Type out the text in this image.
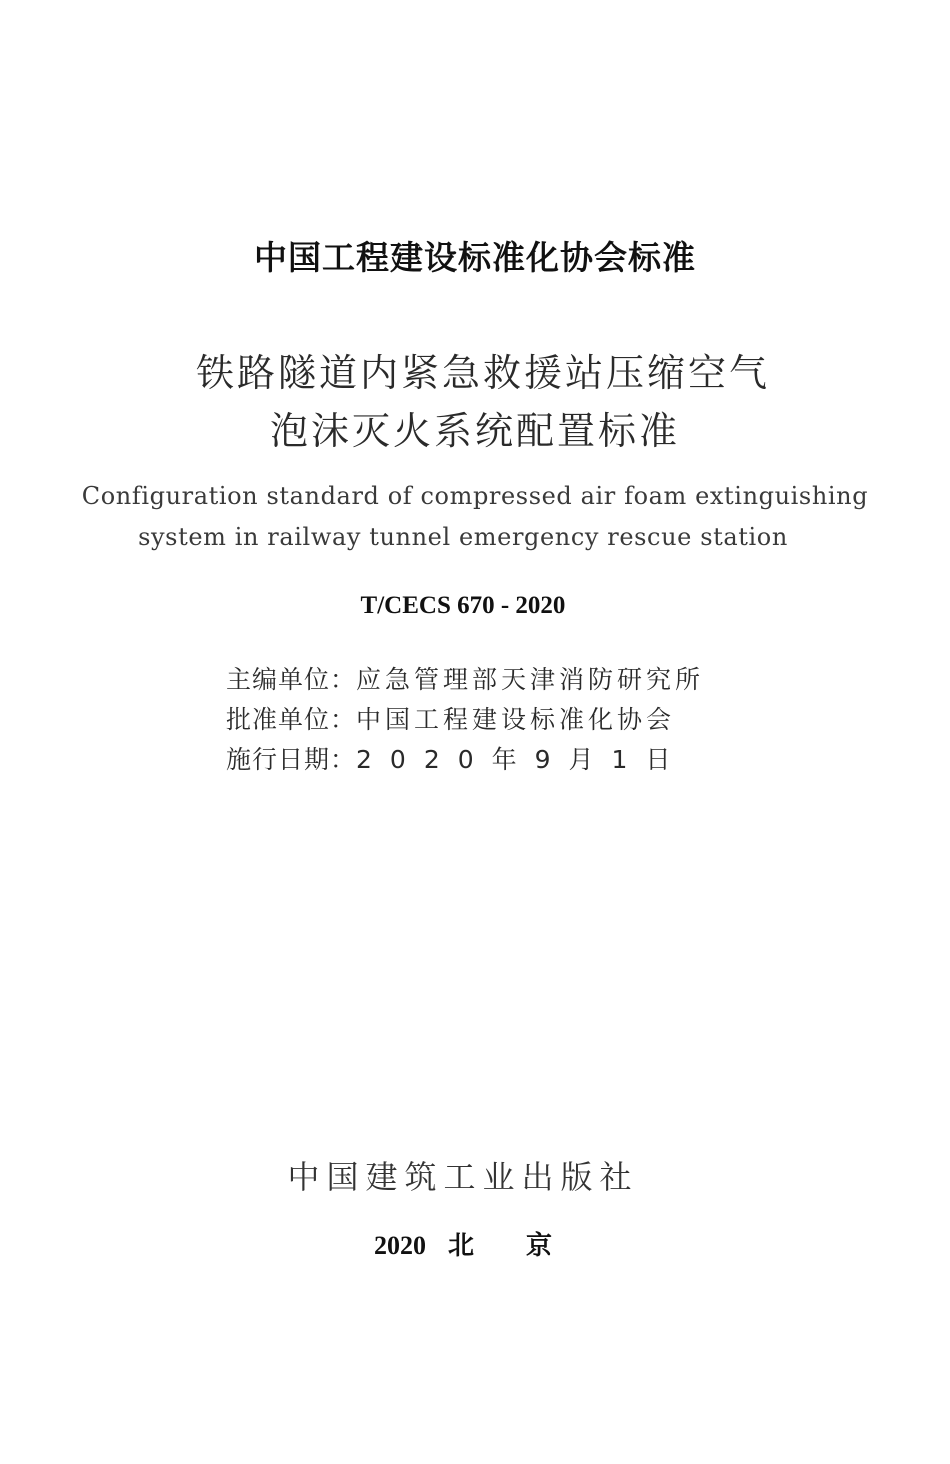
中国工程建设标准化协会标准
铁路隧道内紧急救援站压缩空气
泡沫灭火系统配置标准
Configuration standard of compressed air foam extinguishing
system in railway tunnel emergency rescue station
T/CECS 670 - 2020
主编单位： 应急管理部天津消防研究所
批准单位： 中国工程建设标准化协会
施行日期： 2020年9月1日
中国建筑工业出版社
2020 北京
